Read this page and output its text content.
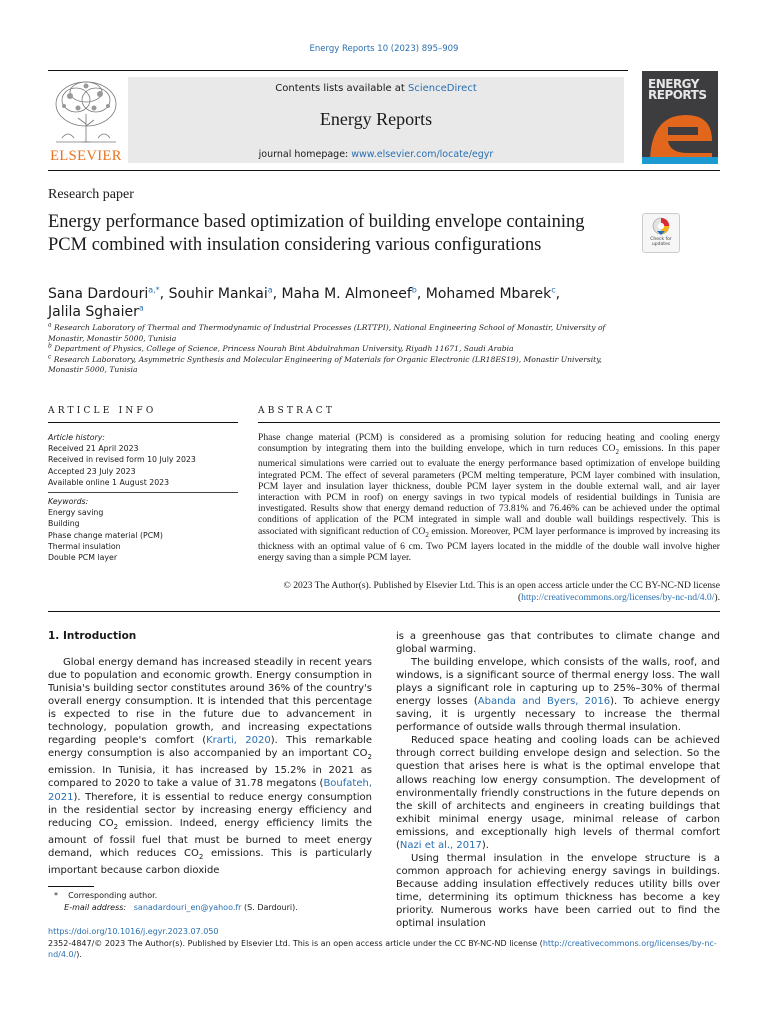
Energy Reports 10 (2023) 895–909
ELSEVIER
Contents lists available at ScienceDirect
Energy Reports
journal homepage: www.elsevier.com/locate/egyr
ENERGY
REPORTS
Research paper
Energy performance based optimization of building envelope containing PCM combined with insulation considering various configurations	Check for
updates
Sana Dardouri$^{a,*}$, Souhir Mankai$^a$, Maha M. Almoneef$^b$, Mohamed Mbarek$^c$,
Jalila Sghaier$^a$
$^a$ Research Laboratory of Thermal and Thermodynamic of Industrial Processes (LRTTPI), National Engineering School of Monastir, University of Monastir, Monastir 5000, Tunisia
$^b$ Department of Physics, College of Science, Princess Nourah Bint Abdulrahman University, Riyadh 11671, Saudi Arabia
$^c$ Research Laboratory, Asymmetric Synthesis and Molecular Engineering of Materials for Organic Electronic (LR18ES19), Monastir University, Monastir 5000, Tunisia
ARTICLE INFO	ABSTRACT
Article history:
Received 21 April 2023
Received in revised form 10 July 2023
Accepted 23 July 2023
Available online 1 August 2023
Keywords:
Energy saving
Building
Phase change material (PCM)
Thermal insulation
Double PCM layer
Phase change material (PCM) is considered as a promising solution for reducing heating and cooling energy consumption by integrating them into the building envelope, which in turn reduces $CO_2$ emissions. In this paper numerical simulations were carried out to evaluate the energy performance based optimization of envelope building integrated PCM. The effect of several parameters (PCM melting temperature, PCM layer combined with insulation, PCM layer and insulation layer thickness, double PCM layer system in the double external wall, and air layer interaction with PCM in roof) on energy savings in two typical models of residential buildings in Tunisia are investigated. Results show that energy demand reduction of 73.81% and 76.46% can be achieved under the optimal conditions of application of the PCM integrated in simple wall and double wall buildings respectively. This is associated with significant reduction of $CO_2$ emission. Moreover, PCM layer performance is improved by increasing its thickness with an optimal value of 6 cm. Two PCM layers located in the middle of the double wall involve higher energy saving than a simple PCM layer.
© 2023 The Author(s). Published by Elsevier Ltd. This is an open access article under the CC BY-NC-ND license (http://creativecommons.org/licenses/by-nc-nd/4.0/).
1. Introduction

Global energy demand has increased steadily in recent years due to population and economic growth. Energy consumption in Tunisia's building sector constitutes around 36% of the country's overall energy consumption. It is intended that this percentage is expected to rise in the future due to advancement in technology, population growth, and increasing expectations regarding people's comfort (Krarti, 2020). This remarkable energy consumption is also accompanied by an important $CO_2$ emission. In Tunisia, it has increased by 15.2% in 2021 as compared to 2020 to take a value of 31.78 megatons (Boufateh, 2021). Therefore, it is essential to reduce energy consumption in the residential sector by increasing energy efficiency and reducing $CO_2$ emission. Indeed, energy efficiency limits the amount of fossil fuel that must be burned to meet energy demand, which reduces $CO_2$ emissions. This is particularly important because carbon dioxide

is a greenhouse gas that contributes to climate change and global warming.

The building envelope, which consists of the walls, roof, and windows, is a significant source of thermal energy loss. The wall plays a significant role in capturing up to 25%–30% of thermal energy losses (Abanda and Byers, 2016). To achieve energy saving, it is urgently necessary to increase the thermal performance of outside walls through thermal insulation.

Reduced space heating and cooling loads can be achieved through correct building envelope design and selection. So the question that arises here is what is the optimal envelope that allows reaching low energy consumption. The development of environmentally friendly constructions in the future depends on the skill of architects and engineers in creating buildings that exhibit minimal energy usage, minimal release of carbon emissions, and exceptionally high levels of thermal comfort (Nazi et al., 2017).

Using thermal insulation in the envelope structure is a common approach for achieving energy savings in buildings. Because adding insulation effectively reduces utility bills over time, determining its optimum thickness has become a key priority. Numerous works have been carried out to find the optimal insulation

* Corresponding author.
E-mail address: sanadardouri_en@yahoo.fr (S. Dardouri).
https://doi.org/10.1016/j.egyr.2023.07.050
2352-4847/© 2023 The Author(s). Published by Elsevier Ltd. This is an open access article under the CC BY-NC-ND license (http://creativecommons.org/licenses/by-nc-nd/4.0/).
